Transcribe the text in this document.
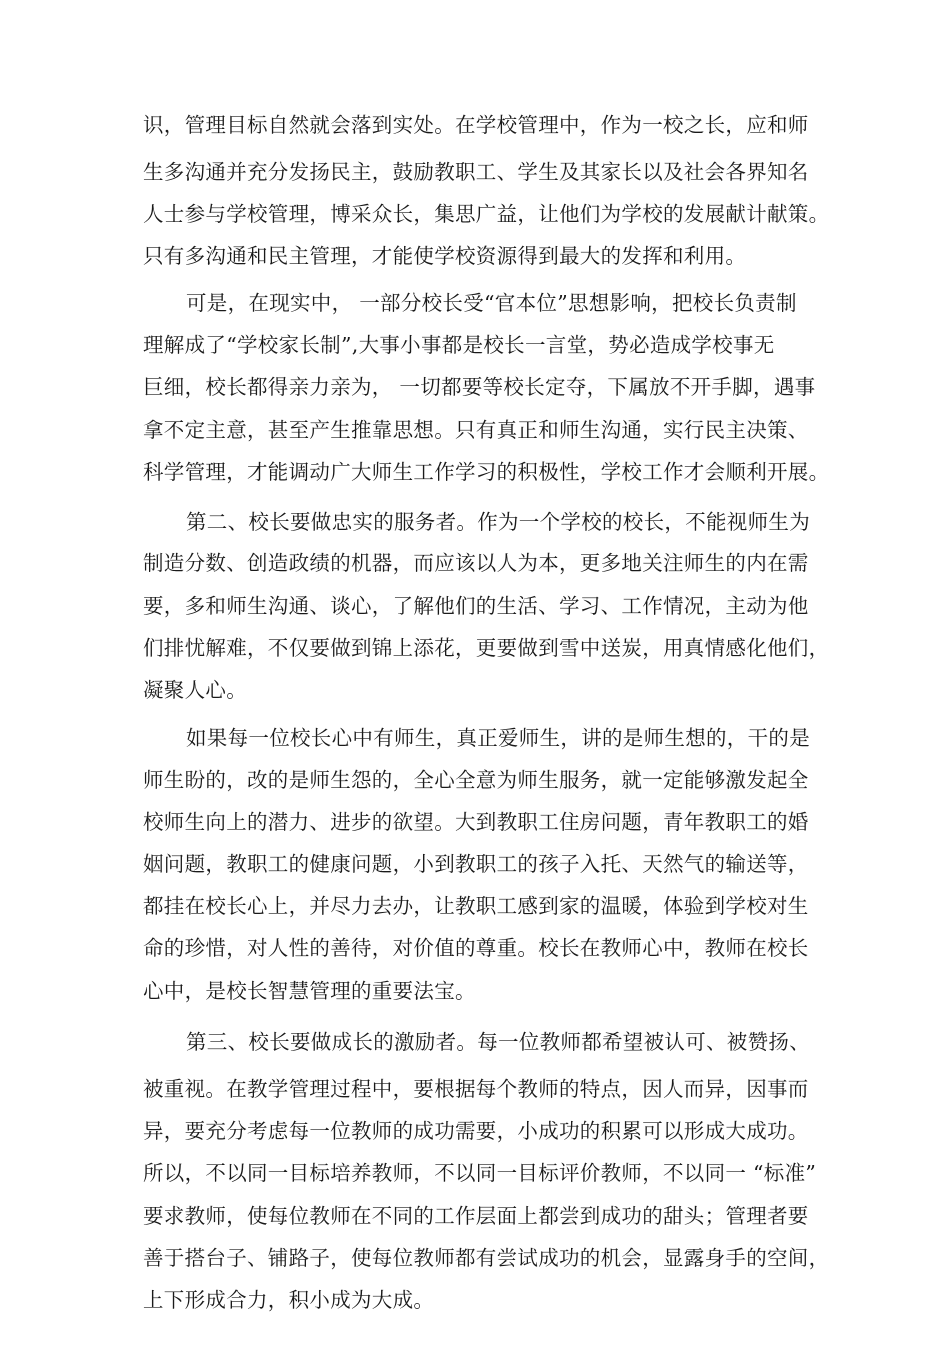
识，管理目标自然就会落到实处。在学校管理中，作为一校之长，应和师

生多沟通并充分发扬民主，鼓励教职工、学生及其家长以及社会各界知名

人士参与学校管理，博采众长，集思广益，让他们为学校的发展献计献策。

只有多沟通和民主管理，才能使学校资源得到最大的发挥和利用。

可是，在现实中， 一部分校长受“官本位”思想影响，把校长负责制

理解成了“学校家长制”,大事小事都是校长一言堂，势必造成学校事无

巨细，校长都得亲力亲为， 一切都要等校长定夺，下属放不开手脚，遇事

拿不定主意，甚至产生推靠思想。只有真正和师生沟通，实行民主决策、

科学管理，才能调动广大师生工作学习的积极性，学校工作才会顺利开展。

第二、校长要做忠实的服务者。作为一个学校的校长，不能视师生为

制造分数、创造政绩的机器，而应该以人为本，更多地关注师生的内在需

要，多和师生沟通、谈心，了解他们的生活、学习、工作情况，主动为他

们排忧解难，不仅要做到锦上添花，更要做到雪中送炭，用真情感化他们，

凝聚人心。

如果每一位校长心中有师生，真正爱师生，讲的是师生想的，干的是

师生盼的，改的是师生怨的，全心全意为师生服务，就一定能够激发起全

校师生向上的潜力、进步的欲望。大到教职工住房问题，青年教职工的婚

姻问题，教职工的健康问题，小到教职工的孩子入托、天然气的输送等，

都挂在校长心上，并尽力去办，让教职工感到家的温暖，体验到学校对生

命的珍惜，对人性的善待，对价值的尊重。校长在教师心中，教师在校长

心中，是校长智慧管理的重要法宝。

第三、校长要做成长的激励者。每一位教师都希望被认可、被赞扬、

被重视。在教学管理过程中，要根据每个教师的特点，因人而异，因事而

异，要充分考虑每一位教师的成功需要，小成功的积累可以形成大成功。

所以，不以同一目标培养教师，不以同一目标评价教师，不以同一 “标准”

要求教师，使每位教师在不同的工作层面上都尝到成功的甜头；管理者要

善于搭台子、铺路子，使每位教师都有尝试成功的机会，显露身手的空间，

上下形成合力，积小成为大成。
